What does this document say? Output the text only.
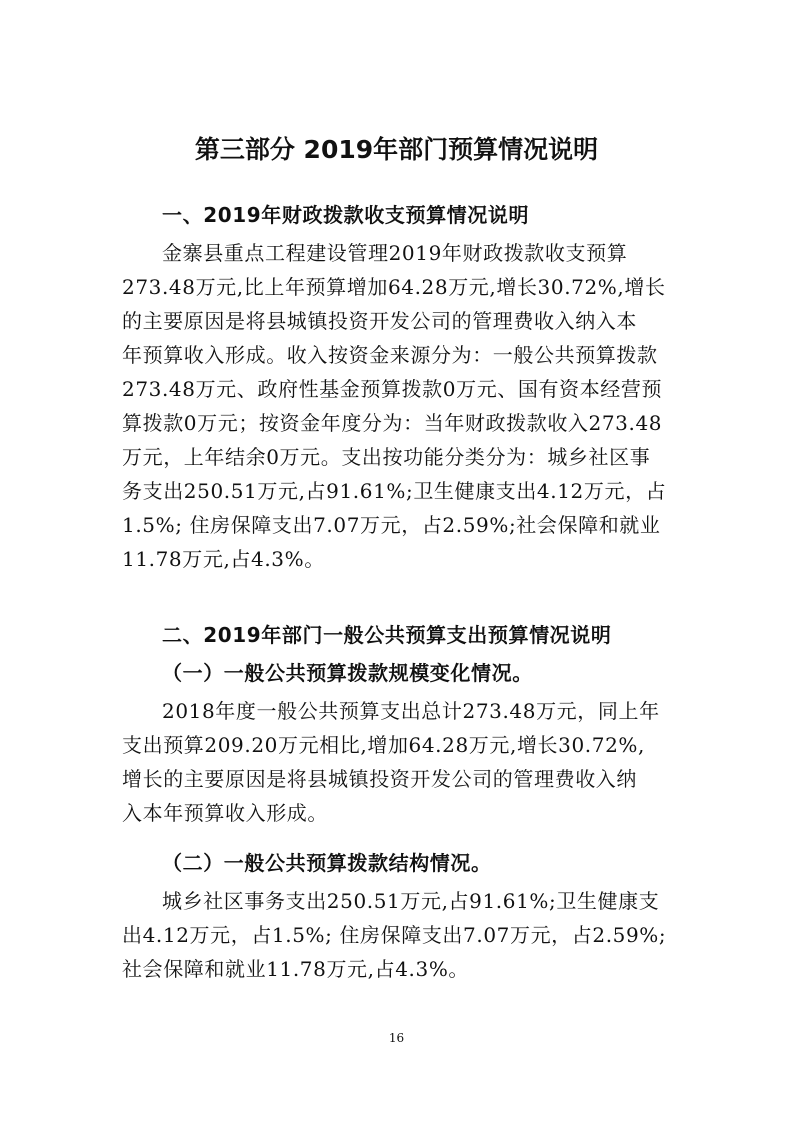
第三部分 2019年部门预算情况说明
一、2019年财政拨款收支预算情况说明
金寨县重点工程建设管理2019年财政拨款收支预算
273.48万元,比上年预算增加64.28万元,增长30.72%,增长
的主要原因是将县城镇投资开发公司的管理费收入纳入本
年预算收入形成。收入按资金来源分为：一般公共预算拨款
273.48万元、政府性基金预算拨款0万元、国有资本经营预
算拨款0万元；按资金年度分为：当年财政拨款收入273.48
万元，上年结余0万元。支出按功能分类分为：城乡社区事
务支出250.51万元,占91.61%;卫生健康支出4.12万元，占
1.5%; 住房保障支出7.07万元，占2.59%;社会保障和就业
11.78万元,占4.3%。
二、2019年部门一般公共预算支出预算情况说明
（一）一般公共预算拨款规模变化情况。
2018年度一般公共预算支出总计273.48万元，同上年
支出预算209.20万元相比,增加64.28万元,增长30.72%,
增长的主要原因是将县城镇投资开发公司的管理费收入纳
入本年预算收入形成。
（二）一般公共预算拨款结构情况。
城乡社区事务支出250.51万元,占91.61%;卫生健康支
出4.12万元，占1.5%; 住房保障支出7.07万元，占2.59%;
社会保障和就业11.78万元,占4.3%。
16
